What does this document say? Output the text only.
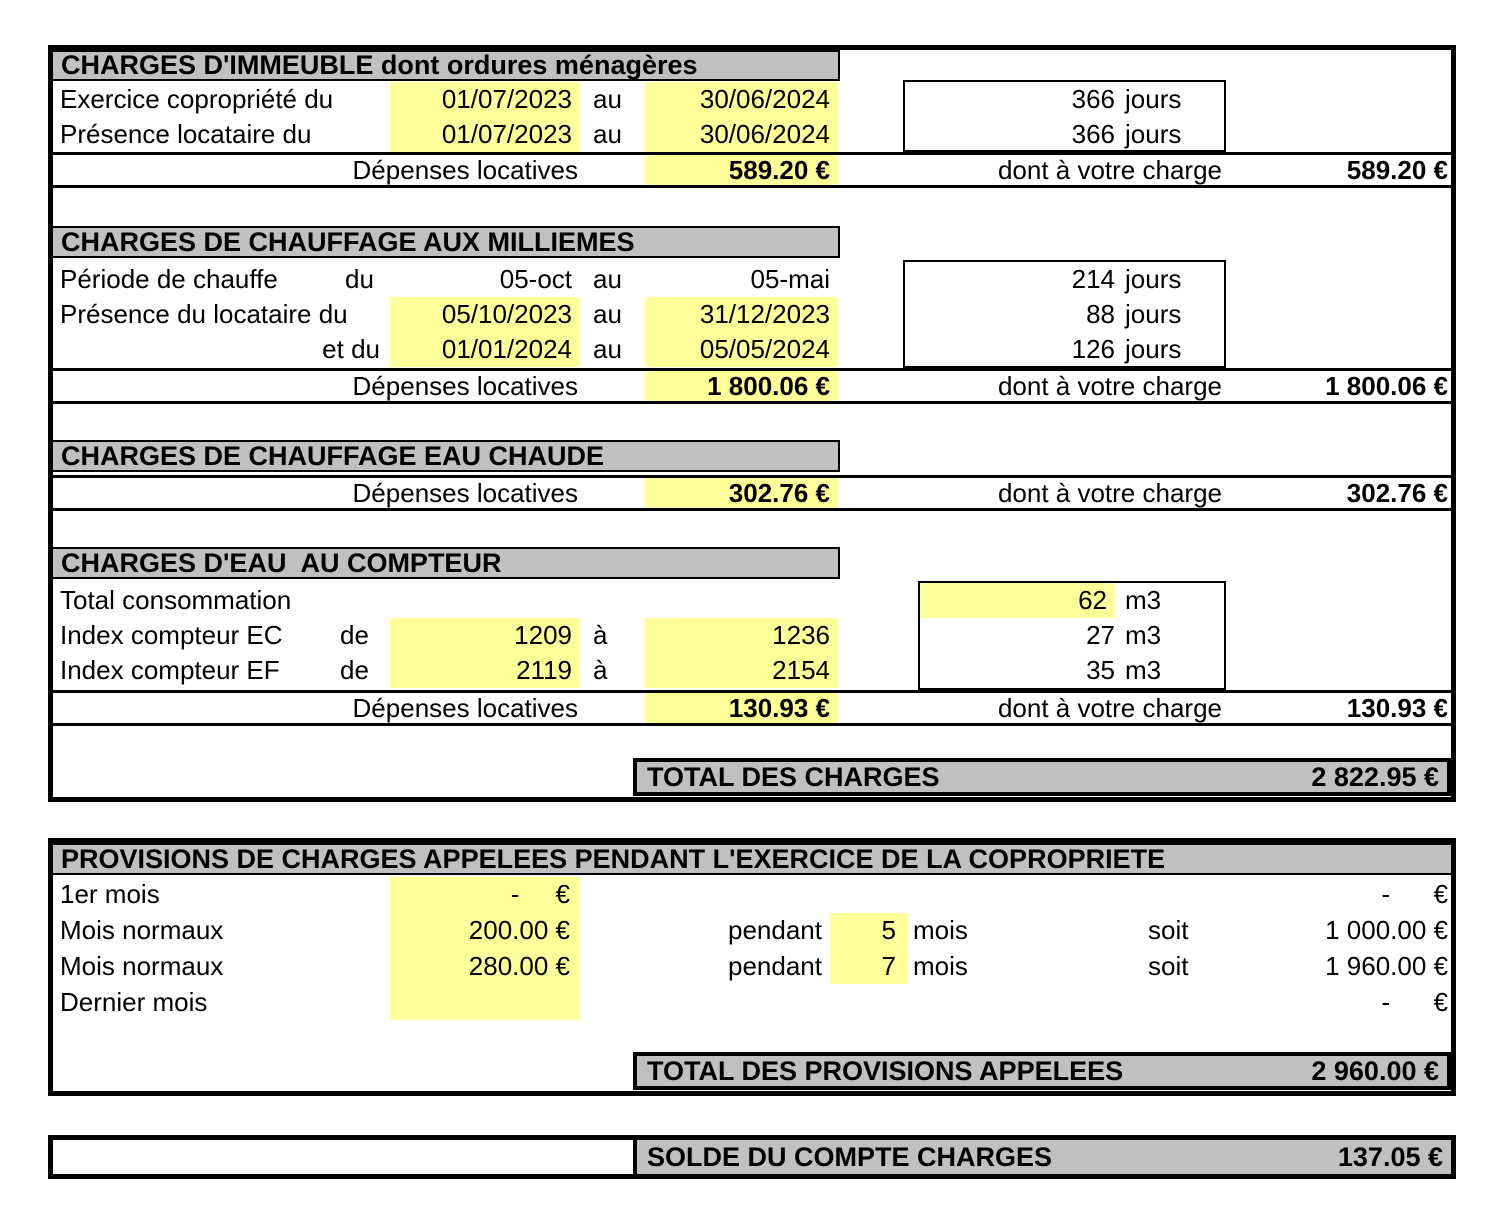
CHARGES D'IMMEUBLE dont ordures ménagères
Exercice copropriété du	01/07/2023 au	30/06/2024	366 jours
Présence locataire du	01/07/2023 au	30/06/2024	366 jours
Dépenses locatives	589.20 €	dont à votre charge	589.20 €
CHARGES DE CHAUFFAGE AUX MILLIEMES
Période de chauffe	du	05-oct au	05-mai	214 jours
Présence du locataire du	05/10/2023 au	31/12/2023	88 jours
et du	01/01/2024 au	05/05/2024	126 jours
Dépenses locatives	1 800.06 €	dont à votre charge	1 800.06 €
CHARGES DE CHAUFFAGE EAU CHAUDE
Dépenses locatives	302.76 €	dont à votre charge	302.76 €
CHARGES D'EAU  AU COMPTEUR
Total consommation	62 m3
Index compteur EC de	1209 à	1236	27 m3
Index compteur EF de	2119 à	2154	35 m3
Dépenses locatives	130.93 €	dont à votre charge	130.93 €
TOTAL DES CHARGES	2 822.95 €
PROVISIONS DE CHARGES APPELEES PENDANT L'EXERCICE DE LA COPROPRIETE
1er mois	-     €	-      €
Mois normaux	200.00 €	pendant	5 mois	soit	1 000.00 €
Mois normaux	280.00 €	pendant	7 mois	soit	1 960.00 €
Dernier mois	-      €
TOTAL DES PROVISIONS APPELEES	2 960.00 €
SOLDE DU COMPTE CHARGES	137.05 €
